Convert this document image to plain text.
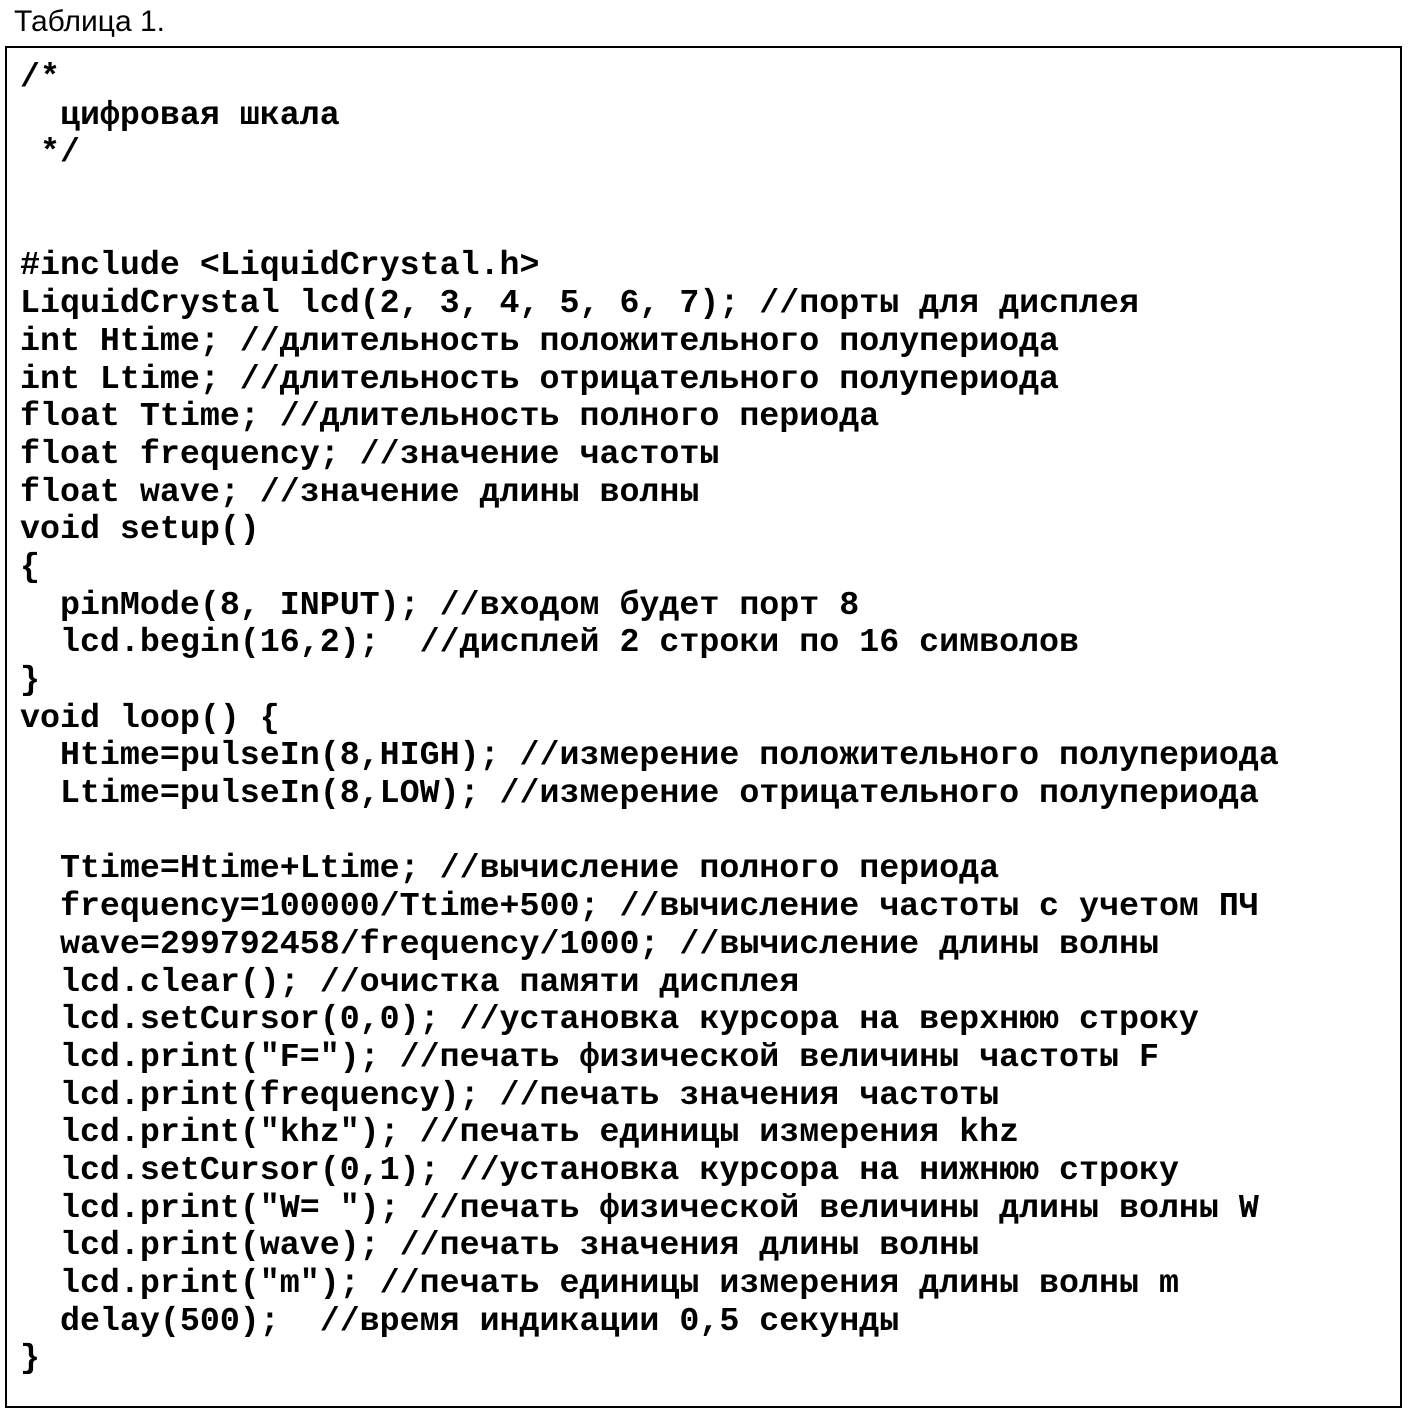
Таблица 1.
/*
цифровая шкала
*/
#include <LiquidCrystal.h>
LiquidCrystal lcd(2, 3, 4, 5, 6, 7); //порты для дисплея
int Htime; //длительность положительного полупериода
int Ltime; //длительность отрицательного полупериода
float Ttime; //длительность полного периода
float frequency; //значение частоты
float wave; //значение длины волны
void setup()
{
pinMode(8, INPUT); //входом будет порт 8
lcd.begin(16,2);  //дисплей 2 строки по 16 символов
}
void loop() {
Htime=pulseIn(8,HIGH); //измерение положительного полупериода
Ltime=pulseIn(8,LOW); //измерение отрицательного полупериода
Ttime=Htime+Ltime; //вычисление полного периода
frequency=100000/Ttime+500; //вычисление частоты с учетом ПЧ
wave=299792458/frequency/1000; //вычисление длины волны
lcd.clear(); //очистка памяти дисплея
lcd.setCursor(0,0); //установка курсора на верхнюю строку
lcd.print("F="); //печать физической величины частоты F
lcd.print(frequency); //печать значения частоты
lcd.print("khz"); //печать единицы измерения khz
lcd.setCursor(0,1); //установка курсора на нижнюю строку
lcd.print("W= "); //печать физической величины длины волны W
lcd.print(wave); //печать значения длины волны
lcd.print("m"); //печать единицы измерения длины волны m
delay(500);  //время индикации 0,5 секунды
}
